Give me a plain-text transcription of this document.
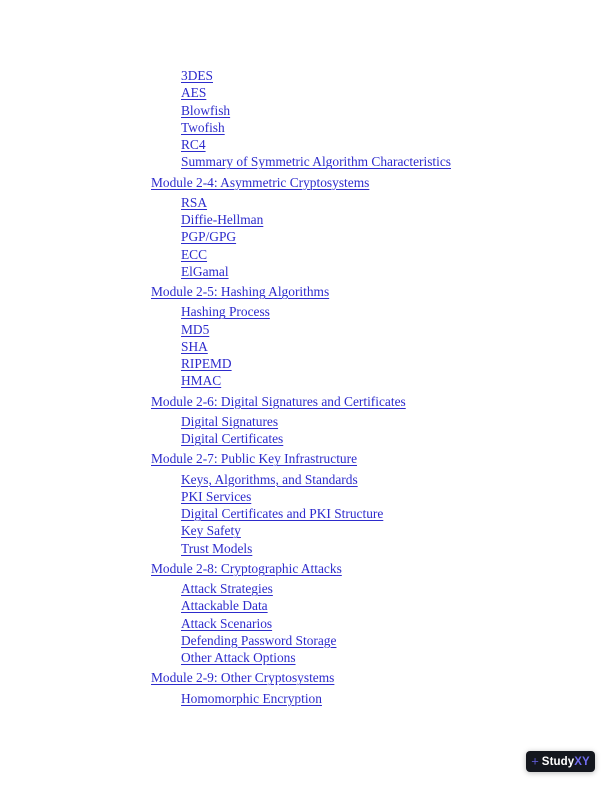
3DES
AES
Blowfish
Twofish
RC4
Summary of Symmetric Algorithm Characteristics
Module 2-4: Asymmetric Cryptosystems
RSA
Diffie-Hellman
PGP/GPG
ECC
ElGamal
Module 2-5: Hashing Algorithms
Hashing Process
MD5
SHA
RIPEMD
HMAC
Module 2-6: Digital Signatures and Certificates
Digital Signatures
Digital Certificates
Module 2-7: Public Key Infrastructure
Keys, Algorithms, and Standards
PKI Services
Digital Certificates and PKI Structure
Key Safety
Trust Models
Module 2-8: Cryptographic Attacks
Attack Strategies
Attackable Data
Attack Scenarios
Defending Password Storage
Other Attack Options
Module 2-9: Other Cryptosystems
Homomorphic Encryption
+ StudyXY
